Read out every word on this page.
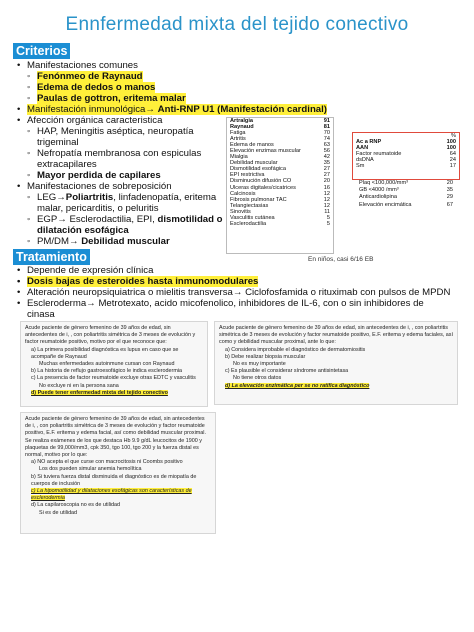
Ennfermedad mixta del tejido conectivo
Criterios
• Manifestaciones comunes
◦ Fenónmeo de Raynaud
◦ Edema de dedos o manos
◦ Paulas de gottron, eritema malar
• Manifestación inmunológica→ Anti-RNP U1 (Manifestación cardinal)
• Afección orgánica caracteristica
◦ HAP, Meningitis aséptica, neuropatía
trigeminal
◦ Nefropatía membranosa con espiculas
extracapilares
◦ Mayor perdida de capilares
• Manifestaciones de sobreposición
◦ LEG→Poliartritis, linfadenopatía, eritema
malar, pericarditis, o peluritis
◦ EGP→ Esclerodactilia, EPI, dismotilidad o
dilatación esofágica
◦ PM/DM→ Debilidad muscular
Artralgia	91
Raynaud	81
Fatiga	70
Artritis	74
Edema de manos	63
Elevación enzimas muscular	56
Mialgia	42
Debilidad muscular	35
Dismotilidad esofágica	27
EPI restrictiva	27
Disminución difusión CO	20
Ulceras digitales/cicatrices	16
Calcinosis	12
Fibrosis pulmonar TAC	12
Telangiectasias	12
Sinovitis	11
Vasculitis cutánea	5
Esclerodactilia	5
%
Ac a RNP	100
AAN	100
Factor reumatoide	64
dsDNA	24
Sm	17
Plaq <100,000/mm³	20
GB <4000 /mm³	35
Anticardiolipina	29
Elevación encimática	67
En niños, casi 6/16 EB
Tratamiento
• Depende de expresión clínica
• Dosis bajas de esteroides hasta inmunomodulares
• Alteración neuropsiquiatrica o mielitis transversa→ Ciclofosfamida o rituximab con pulsos de MPDN
• Esclerodermа→ Metrotexato, acido micofenolico, inhibidores de IL-6, con o sin inhibidores de
cinasa

Acude paciente de género femenino de 39 años de edad, sin antecedentes de i, , con poliartritis simétrica de 3 meses de evolución y factor reumatoide positivo, motivo por el que reconoce que:

a) La primera posibilidad diagnóstica es lupus en caso que se acompañe de Raynaud

Muchas enfermedades autoinmune cursan con Raynaud

b) La historia de reflujo gastroesofágico le indica esclerodermia

c) La presencia de factor reumatoide excluye otras EDTC y vasculitis

No excluye ni en la persona sana

d) Puede tener enfermedad mixta del tejido conectivo

Acude paciente de género femenino de 39 años de edad, sin antecedentes de i, , con poliartritis simétrica de 3 meses de evolución y factor reumatoide positivo, E.F. eritema y edema faciales, así como y debilidad muscular proximal, ante lo que:

a) Considera improbable el diagnóstico de dermatomiositis

b) Debe realizar biopsia muscular

No es muy importante

c) Es plausible el considerar síndrome antisintetasa

No tiene otros datos

d) La elevación enzimática per se no ratifica diagnóstico

Acude paciente de género femenino de 39 años de edad, sin antecedentes de i, , con poliartritis simétrica de 3 meses de evolución y factor reumatoide positivo, E.F. eritema y edema facial, así como debilidad muscular proximal. Se realiza exámenes de los que destaca Hb 9.9 g/dL leucocitos de 1900 y plaquetas de 99,000/mm3, cpk 350, tgo 100, tgo 200 y la fuerza distal es normal, motivo por lo que:

a) NO acepta el que curse con macrocitosis ni Coombs positivo

Los dos pueden simular anemia hemolítica

b) Si tuviera fuerza distal disminuida el diagnóstico es de miopatía de cuerpos de inclusión

c) La hipomotilidad y dilataciones esofágicas son características de esclerodermia

d) La capilaroscopia no es de utilidad

Si es de utilidad
